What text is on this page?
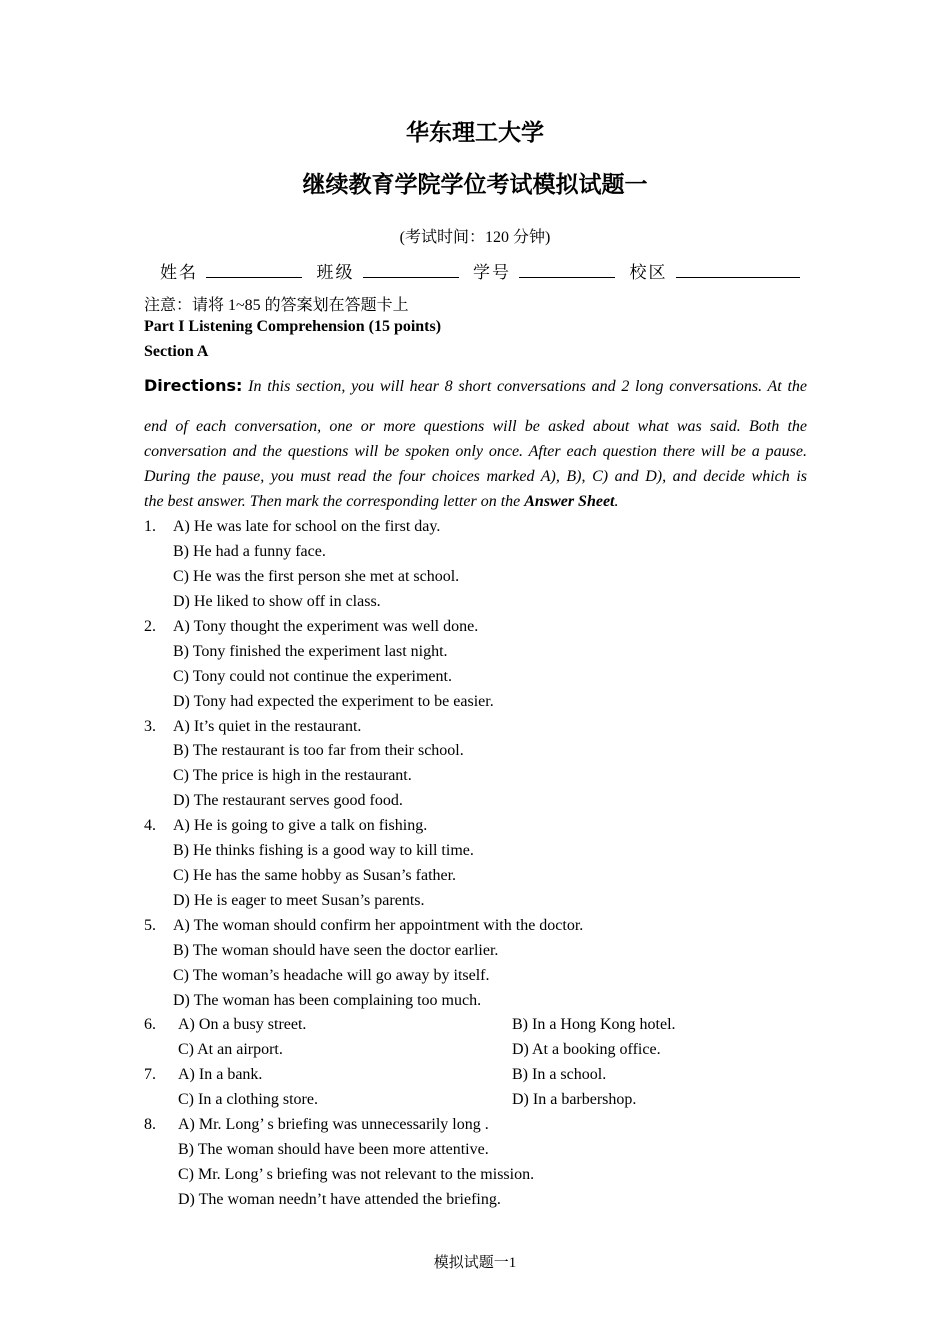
华东理工大学
继续教育学院学位考试模拟试题一
(考试时间：120 分钟)
姓名	班级	学号	校区
注意：请将 1~85 的答案划在答题卡上
Part I Listening Comprehension (15 points)
Section A
Directions: In this section, you will hear 8 short conversations and 2 long conversations. At the
end of each conversation, one or more questions will be asked about what was said. Both the
conversation and the questions will be spoken only once. After each question there will be a pause.
During the pause, you must read the four choices marked A), B), C) and D), and decide which is
the best answer. Then mark the corresponding letter on the Answer Sheet.
1. A) He was late for school on the first day.
B) He had a funny face.
C) He was the first person she met at school.
D) He liked to show off in class.
2. A) Tony thought the experiment was well done.
B) Tony finished the experiment last night.
C) Tony could not continue the experiment.
D) Tony had expected the experiment to be easier.
3. A) It’s quiet in the restaurant.
B) The restaurant is too far from their school.
C) The price is high in the restaurant.
D) The restaurant serves good food.
4. A) He is going to give a talk on fishing.
B) He thinks fishing is a good way to kill time.
C) He has the same hobby as Susan’s father.
D) He is eager to meet Susan’s parents.
5. A) The woman should confirm her appointment with the doctor.
B) The woman should have seen the doctor earlier.
C) The woman’s headache will go away by itself.
D) The woman has been complaining too much.
6. A) On a busy street.	B) In a Hong Kong hotel.
C) At an airport.	D) At a booking office.
7. A) In a bank.	B) In a school.
C) In a clothing store.	D) In a barbershop.
8. A) Mr. Long’ s briefing was unnecessarily long .
B) The woman should have been more attentive.
C) Mr. Long’ s briefing was not relevant to the mission.
D) The woman needn’t have attended the briefing.
模拟试题一1
